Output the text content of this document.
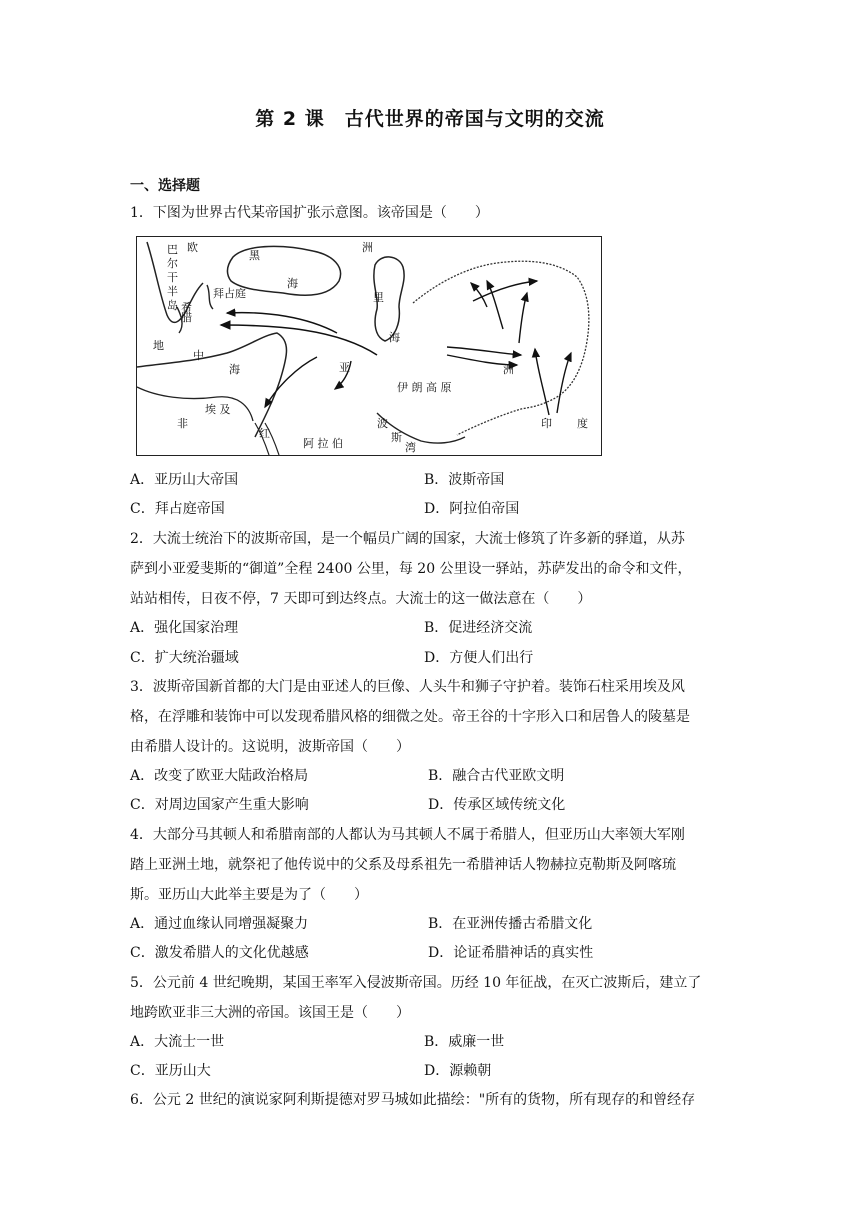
第 2 课　古代世界的帝国与文明的交流
一、选择题

1．下图为世界古代某帝国扩张示意图。该帝国是（　　）

欧	洲
巴
尔
干
半
岛 希
腊
拜占庭
黑
海
里
海
地
中
海	亚	洲
伊 朗 高 原
非
埃 及
红
阿 拉 伯
波
斯
湾
印 度
A．亚历山大帝国	B．波斯帝国
C．拜占庭帝国	D．阿拉伯帝国

2．大流士统治下的波斯帝国，是一个幅员广阔的国家，大流士修筑了许多新的驿道，从苏

萨到小亚爱斐斯的“御道”全程 2400 公里，每 20 公里设一驿站，苏萨发出的命令和文件，

站站相传，日夜不停，7 天即可到达终点。大流士的这一做法意在（　　）

A．强化国家治理	B．促进经济交流
C．扩大统治疆域	D．方便人们出行

3．波斯帝国新首都的大门是由亚述人的巨像、人头牛和狮子守护着。装饰石柱采用埃及风

格，在浮雕和装饰中可以发现希腊风格的细微之处。帝王谷的十字形入口和居鲁人的陵墓是

由希腊人设计的。这说明，波斯帝国（　　）

A．改变了欧亚大陆政治格局	B．融合古代亚欧文明
C．对周边国家产生重大影响	D．传承区域传统文化

4．大部分马其顿人和希腊南部的人都认为马其顿人不属于希腊人，但亚历山大率领大军刚

踏上亚洲土地，就祭祀了他传说中的父系及母系祖先一希腊神话人物赫拉克勒斯及阿喀琉

斯。亚历山大此举主要是为了（　　）

A．通过血缘认同增强凝聚力	B．在亚洲传播古希腊文化
C．激发希腊人的文化优越感	D．论证希腊神话的真实性

5．公元前 4 世纪晚期，某国王率军入侵波斯帝国。历经 10 年征战，在灭亡波斯后，建立了

地跨欧亚非三大洲的帝国。该国王是（　　）

A．大流士一世	B．威廉一世
C．亚历山大	D．源赖朝

6．公元 2 世纪的演说家阿利斯提德对罗马城如此描绘："所有的货物，所有现存的和曾经存
